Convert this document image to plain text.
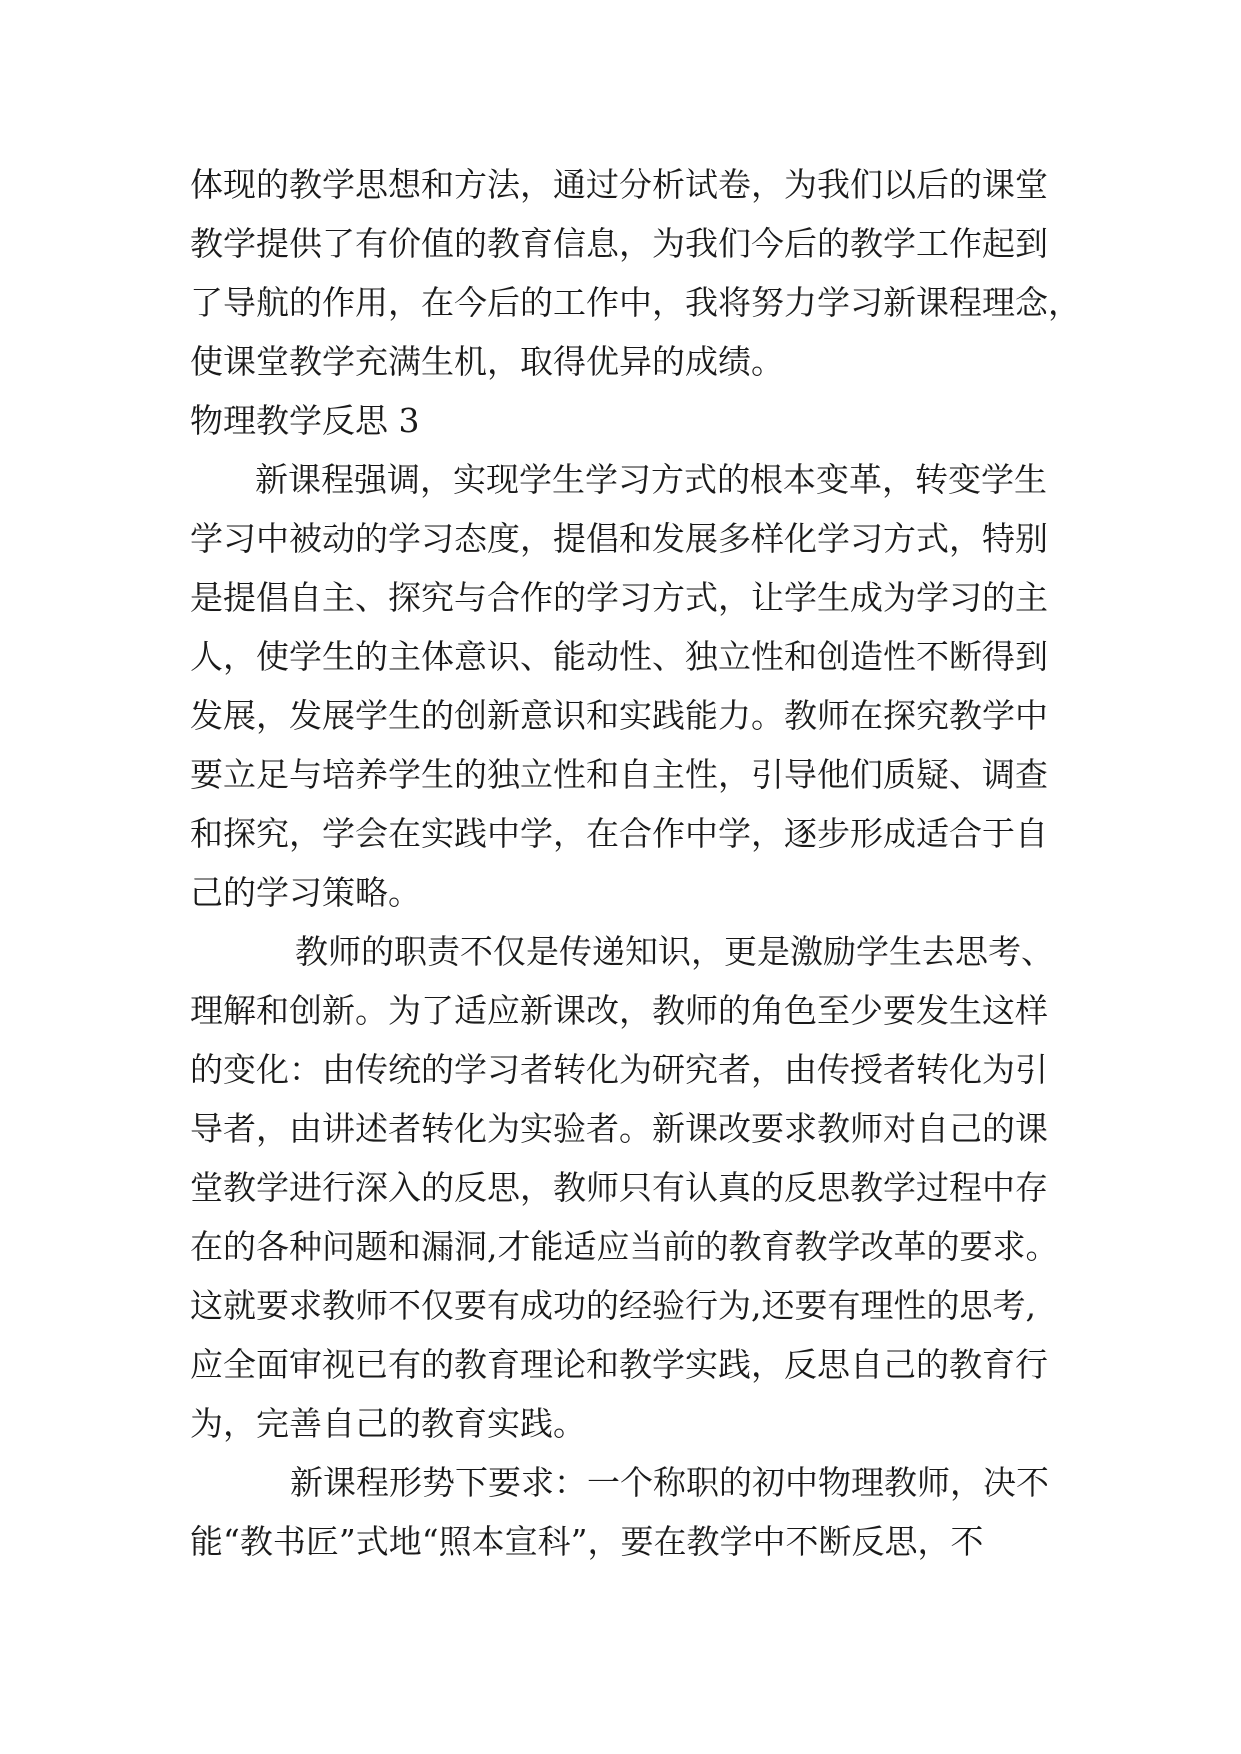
体现的教学思想和方法，通过分析试卷，为我们以后的课堂
教学提供了有价值的教育信息，为我们今后的教学工作起到
了导航的作用，在今后的工作中，我将努力学习新课程理念，
使课堂教学充满生机，取得优异的成绩。
物理教学反思 3
新课程强调，实现学生学习方式的根本变革，转变学生
学习中被动的学习态度，提倡和发展多样化学习方式，特别
是提倡自主、探究与合作的学习方式，让学生成为学习的主
人，使学生的主体意识、能动性、独立性和创造性不断得到
发展，发展学生的创新意识和实践能力。教师在探究教学中
要立足与培养学生的独立性和自主性，引导他们质疑、调查
和探究，学会在实践中学，在合作中学，逐步形成适合于自
己的学习策略。
教师的职责不仅是传递知识，更是激励学生去思考、
理解和创新。为了适应新课改，教师的角色至少要发生这样
的变化：由传统的学习者转化为研究者，由传授者转化为引
导者，由讲述者转化为实验者。新课改要求教师对自己的课
堂教学进行深入的反思，教师只有认真的反思教学过程中存
在的各种问题和漏洞,才能适应当前的教育教学改革的要求。
这就要求教师不仅要有成功的经验行为,还要有理性的思考,
应全面审视已有的教育理论和教学实践，反思自己的教育行
为，完善自己的教育实践。
新课程形势下要求：一个称职的初中物理教师，决不
能“教书匠”式地“照本宣科”，要在教学中不断反思，不
